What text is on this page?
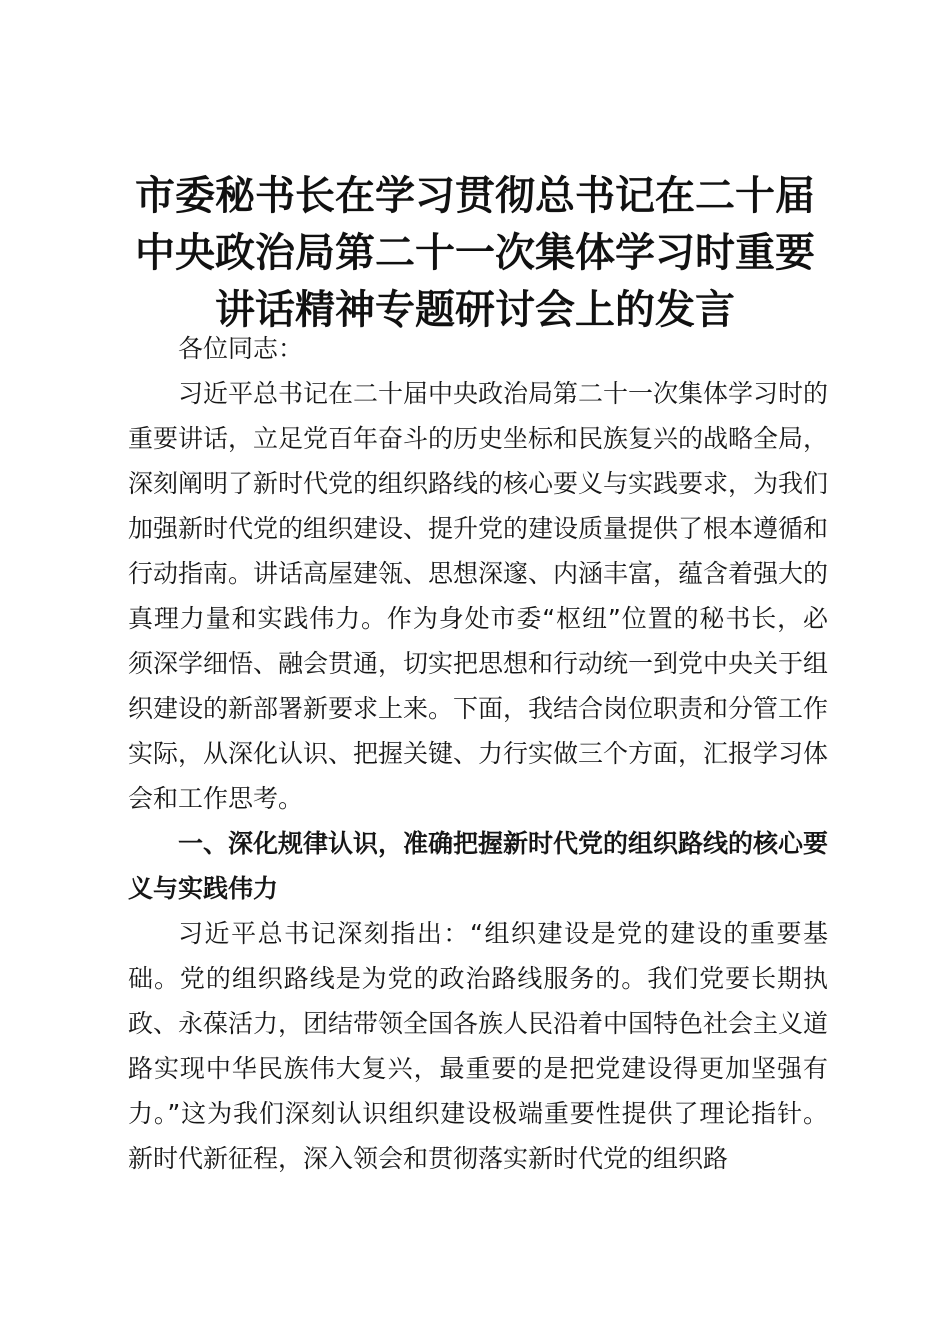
市委秘书长在学习贯彻总书记在二十届
中央政治局第二十一次集体学习时重要
讲话精神专题研讨会上的发言

各位同志：

习近平总书记在二十届中央政治局第二十一次集体学习时的重要讲话，立足党百年奋斗的历史坐标和民族复兴的战略全局，深刻阐明了新时代党的组织路线的核心要义与实践要求，为我们加强新时代党的组织建设、提升党的建设质量提供了根本遵循和行动指南。讲话高屋建瓴、思想深邃、内涵丰富，蕴含着强大的真理力量和实践伟力。作为身处市委“枢纽”位置的秘书长，必须深学细悟、融会贯通，切实把思想和行动统一到党中央关于组织建设的新部署新要求上来。下面，我结合岗位职责和分管工作实际，从深化认识、把握关键、力行实做三个方面，汇报学习体会和工作思考。

一、深化规律认识，准确把握新时代党的组织路线的核心要义与实践伟力

习近平总书记深刻指出：“组织建设是党的建设的重要基础。党的组织路线是为党的政治路线服务的。我们党要长期执政、永葆活力，团结带领全国各族人民沿着中国特色社会主义道路实现中华民族伟大复兴，最重要的是把党建设得更加坚强有力。”这为我们深刻认识组织建设极端重要性提供了理论指针。新时代新征程，深入领会和贯彻落实新时代党的组织路
